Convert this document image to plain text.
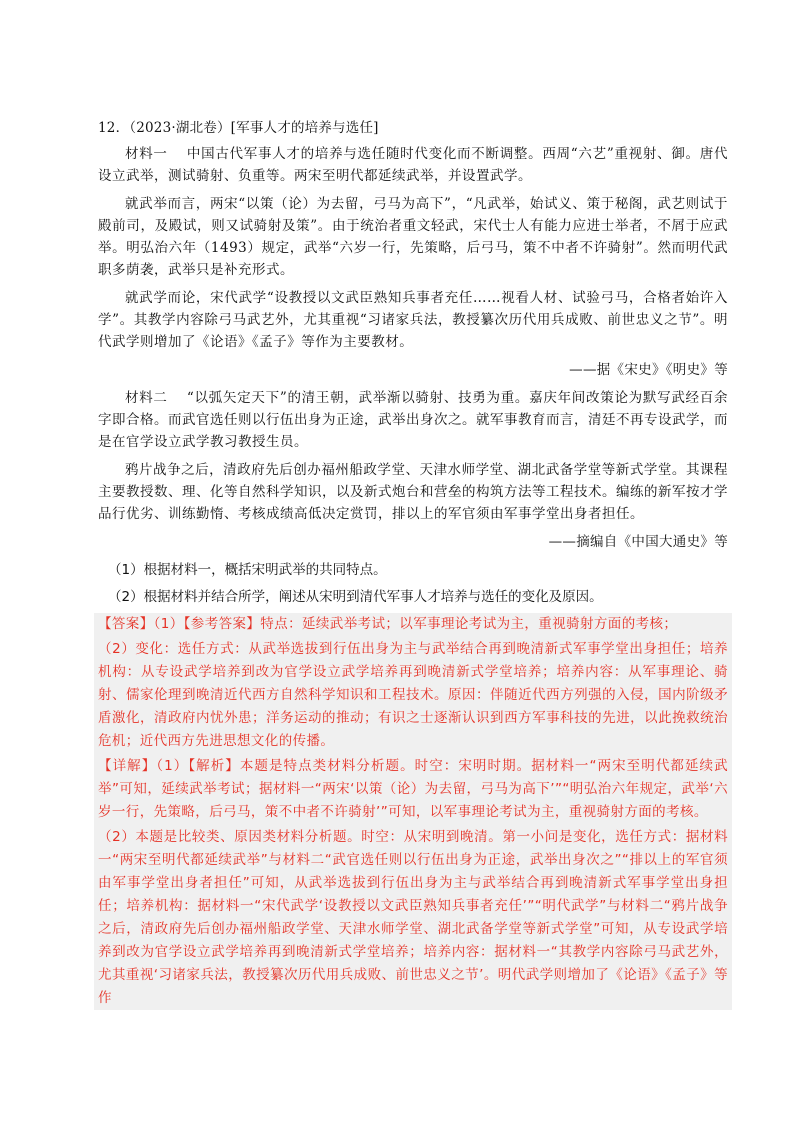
12．（2023·湖北卷）[军事人才的培养与选任]

材料一　 中国古代军事人才的培养与选任随时代变化而不断调整。西周“六艺”重视射、御。唐代设立武举，测试骑射、负重等。两宋至明代都延续武举，并设置武学。

就武举而言，两宋“以策（论）为去留，弓马为高下”，“凡武举，始试义、策于秘阁，武艺则试于殿前司，及殿试，则又试骑射及策”。由于统治者重文轻武，宋代士人有能力应进士举者，不屑于应武举。明弘治六年（1493）规定，武举“六岁一行，先策略，后弓马，策不中者不许骑射”。然而明代武职多荫袭，武举只是补充形式。

就武学而论，宋代武学“设教授以文武臣熟知兵事者充任……视看人材、试验弓马，合格者始许入学”。其教学内容除弓马武艺外，尤其重视“习诸家兵法，教授纂次历代用兵成败、前世忠义之节”。明代武学则增加了《论语》《孟子》等作为主要教材。

——据《宋史》《明史》等

材料二　 “以弧矢定天下”的清王朝，武举渐以骑射、技勇为重。嘉庆年间改策论为默写武经百余字即合格。而武官选任则以行伍出身为正途，武举出身次之。就军事教育而言，清廷不再专设武学，而是在官学设立武学教习教授生员。

鸦片战争之后，清政府先后创办福州船政学堂、天津水师学堂、湖北武备学堂等新式学堂。其课程主要教授数、理、化等自然科学知识，以及新式炮台和营垒的构筑方法等工程技术。编练的新军按才学品行优劣、训练勤惰、考核成绩高低决定赏罚，排以上的军官须由军事学堂出身者担任。

——摘编自《中国大通史》等
（1）根据材料一，概括宋明武举的共同特点。
（2）根据材料并结合所学，阐述从宋明到清代军事人才培养与选任的变化及原因。

【答案】（1）【参考答案】特点：延续武举考试；以军事理论考试为主，重视骑射方面的考核；

（2）变化：选任方式：从武举选拔到行伍出身为主与武举结合再到晚清新式军事学堂出身担任；培养机构：从专设武学培养到改为官学设立武学培养再到晚清新式学堂培养；培养内容：从军事理论、骑射、儒家伦理到晚清近代西方自然科学知识和工程技术。原因：伴随近代西方列强的入侵，国内阶级矛盾激化，清政府内忧外患；洋务运动的推动；有识之士逐渐认识到西方军事科技的先进，以此挽救统治危机；近代西方先进思想文化的传播。

【详解】（1）【解析】本题是特点类材料分析题。时空：宋明时期。据材料一“两宋至明代都延续武举”可知，延续武举考试；据材料一“两宋‘以策（论）为去留，弓马为高下’”“明弘治六年规定，武举‘六岁一行，先策略，后弓马，策不中者不许骑射’”可知，以军事理论考试为主，重视骑射方面的考核。

（2）本题是比较类、原因类材料分析题。时空：从宋明到晚清。第一小问是变化，选任方式：据材料一“两宋至明代都延续武举”与材料二“武官选任则以行伍出身为正途，武举出身次之”“排以上的军官须由军事学堂出身者担任”可知，从武举选拔到行伍出身为主与武举结合再到晚清新式军事学堂出身担任；培养机构：据材料一“宋代武学‘设教授以文武臣熟知兵事者充任’”“明代武学”与材料二“鸦片战争之后，清政府先后创办福州船政学堂、天津水师学堂、湖北武备学堂等新式学堂”可知，从专设武学培养到改为官学设立武学培养再到晚清新式学堂培养；培养内容：据材料一“其教学内容除弓马武艺外，尤其重视‘习诸家兵法，教授纂次历代用兵成败、前世忠义之节’。明代武学则增加了《论语》《孟子》等作
